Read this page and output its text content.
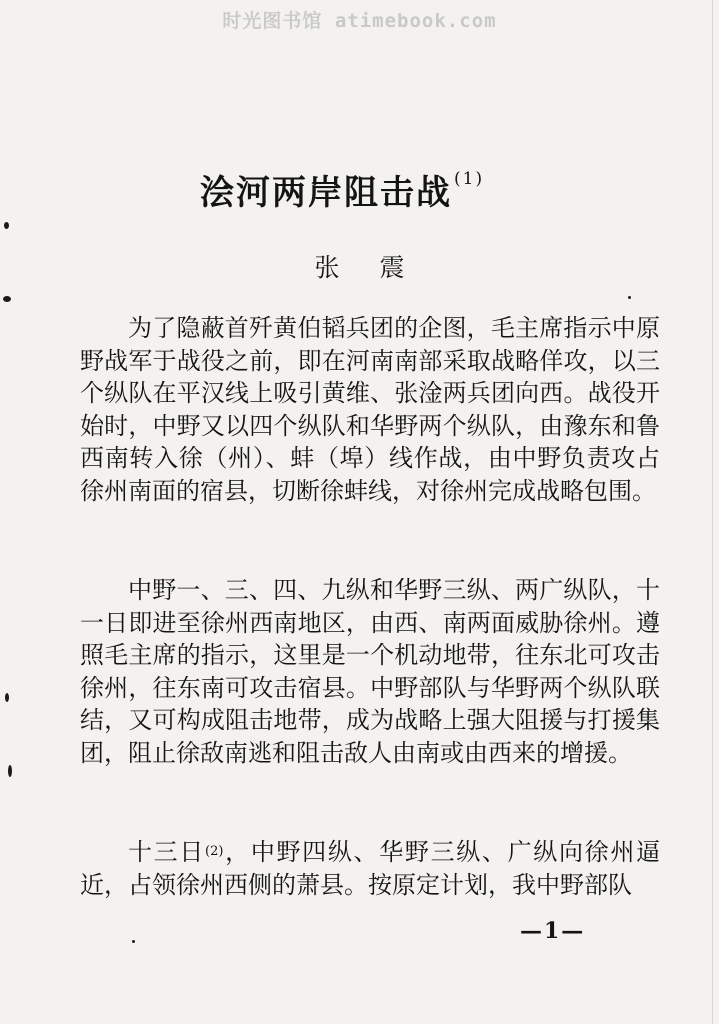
时光图书馆 atimebook.com
浍河两岸阻击战 $^{(1)}$
张震

为了隐蔽首歼黄伯韬兵团的企图，毛主席指示中原野战军于战役之前，即在河南南部采取战略佯攻，以三个纵队在平汉线上吸引黄维、张淦两兵团向西。战役开始时，中野又以四个纵队和华野两个纵队，由豫东和鲁西南转入徐（州）、蚌（埠）线作战，由中野负责攻占徐州南面的宿县，切断徐蚌线，对徐州完成战略包围。

中野一、三、四、九纵和华野三纵、两广纵队，十一日即进至徐州西南地区，由西、南两面威胁徐州。遵照毛主席的指示，这里是一个机动地带，往东北可攻击徐州，往东南可攻击宿县。中野部队与华野两个纵队联结，又可构成阻击地带，成为战略上强大阻援与打援集团，阻止徐敌南逃和阻击敌人由南或由西来的增援。

十三日$^{(2)}$，中野四纵、华野三纵、广纵向徐州逼近，占领徐州西侧的萧县。按原定计划，我中野部队

—1—
